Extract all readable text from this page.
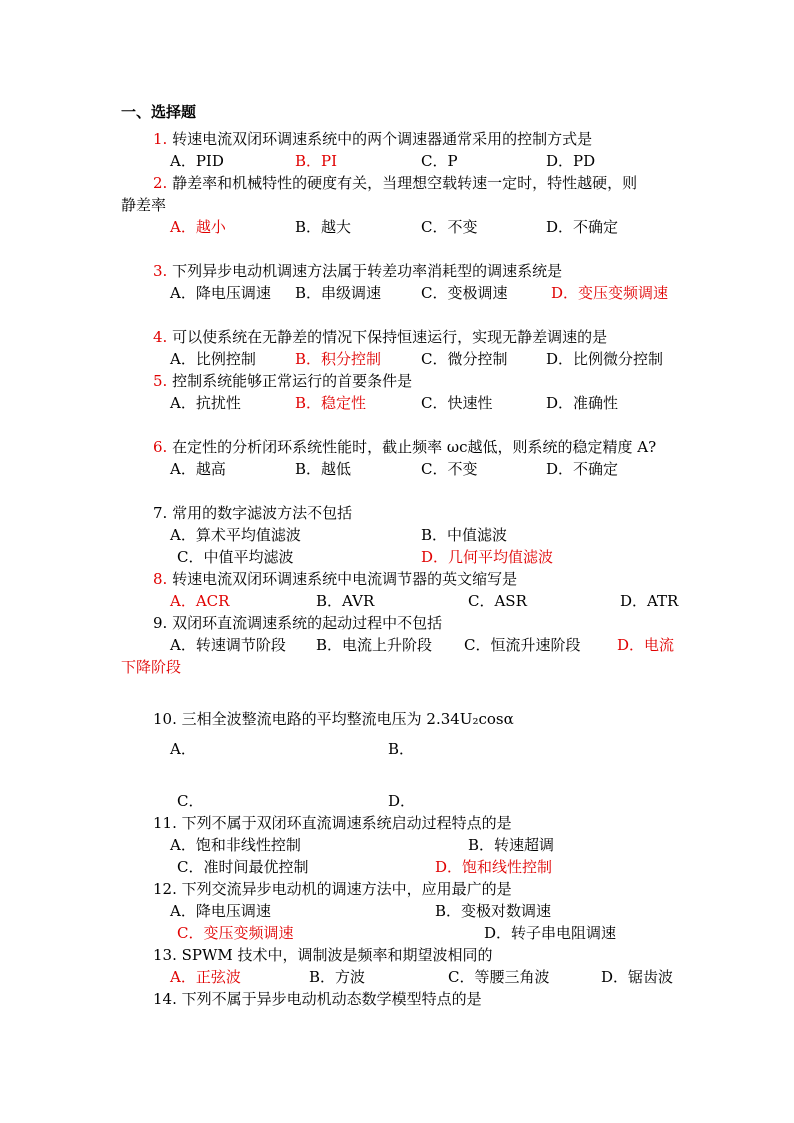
一、选择题
1. 转速电流双闭环调速系统中的两个调速器通常采用的控制方式是
A．PID	B．PI	C．P	D．PD
2. 静差率和机械特性的硬度有关，当理想空载转速一定时，特性越硬，则
静差率
A．越小	B．越大	C．不变	D．不确定
3. 下列异步电动机调速方法属于转差功率消耗型的调速系统是
A．降电压调速 B．串级调速	C．变极调速	D．变压变频调速
4. 可以使系统在无静差的情况下保持恒速运行，实现无静差调速的是
A．比例控制	B．积分控制	C．微分控制	D．比例微分控制
5. 控制系统能够正常运行的首要条件是
A．抗扰性	B．稳定性	C．快速性	D．准确性
6. 在定性的分析闭环系统性能时，截止频率 ωc越低，则系统的稳定精度 A?
A．越高	B．越低	C．不变	D．不确定
7. 常用的数字滤波方法不包括
A．算术平均值滤波	B．中值滤波
C．中值平均滤波	D．几何平均值滤波
8. 转速电流双闭环调速系统中电流调节器的英文缩写是
A．ACR	B．AVR	C．ASR	D．ATR
9. 双闭环直流调速系统的起动过程中不包括
A．转速调节阶段 B．电流上升阶段 C．恒流升速阶段 D．电流
下降阶段
10. 三相全波整流电路的平均整流电压为 2.34U₂cosα
A．	B．
C．	D．
11. 下列不属于双闭环直流调速系统启动过程特点的是
A．饱和非线性控制	B．转速超调
C．准时间最优控制	D．饱和线性控制
12. 下列交流异步电动机的调速方法中，应用最广的是
A．降电压调速	B．变极对数调速
C．变压变频调速	D．转子串电阻调速
13. SPWM 技术中，调制波是频率和期望波相同的
A．正弦波	B．方波	C．等腰三角波	D．锯齿波
14. 下列不属于异步电动机动态数学模型特点的是
